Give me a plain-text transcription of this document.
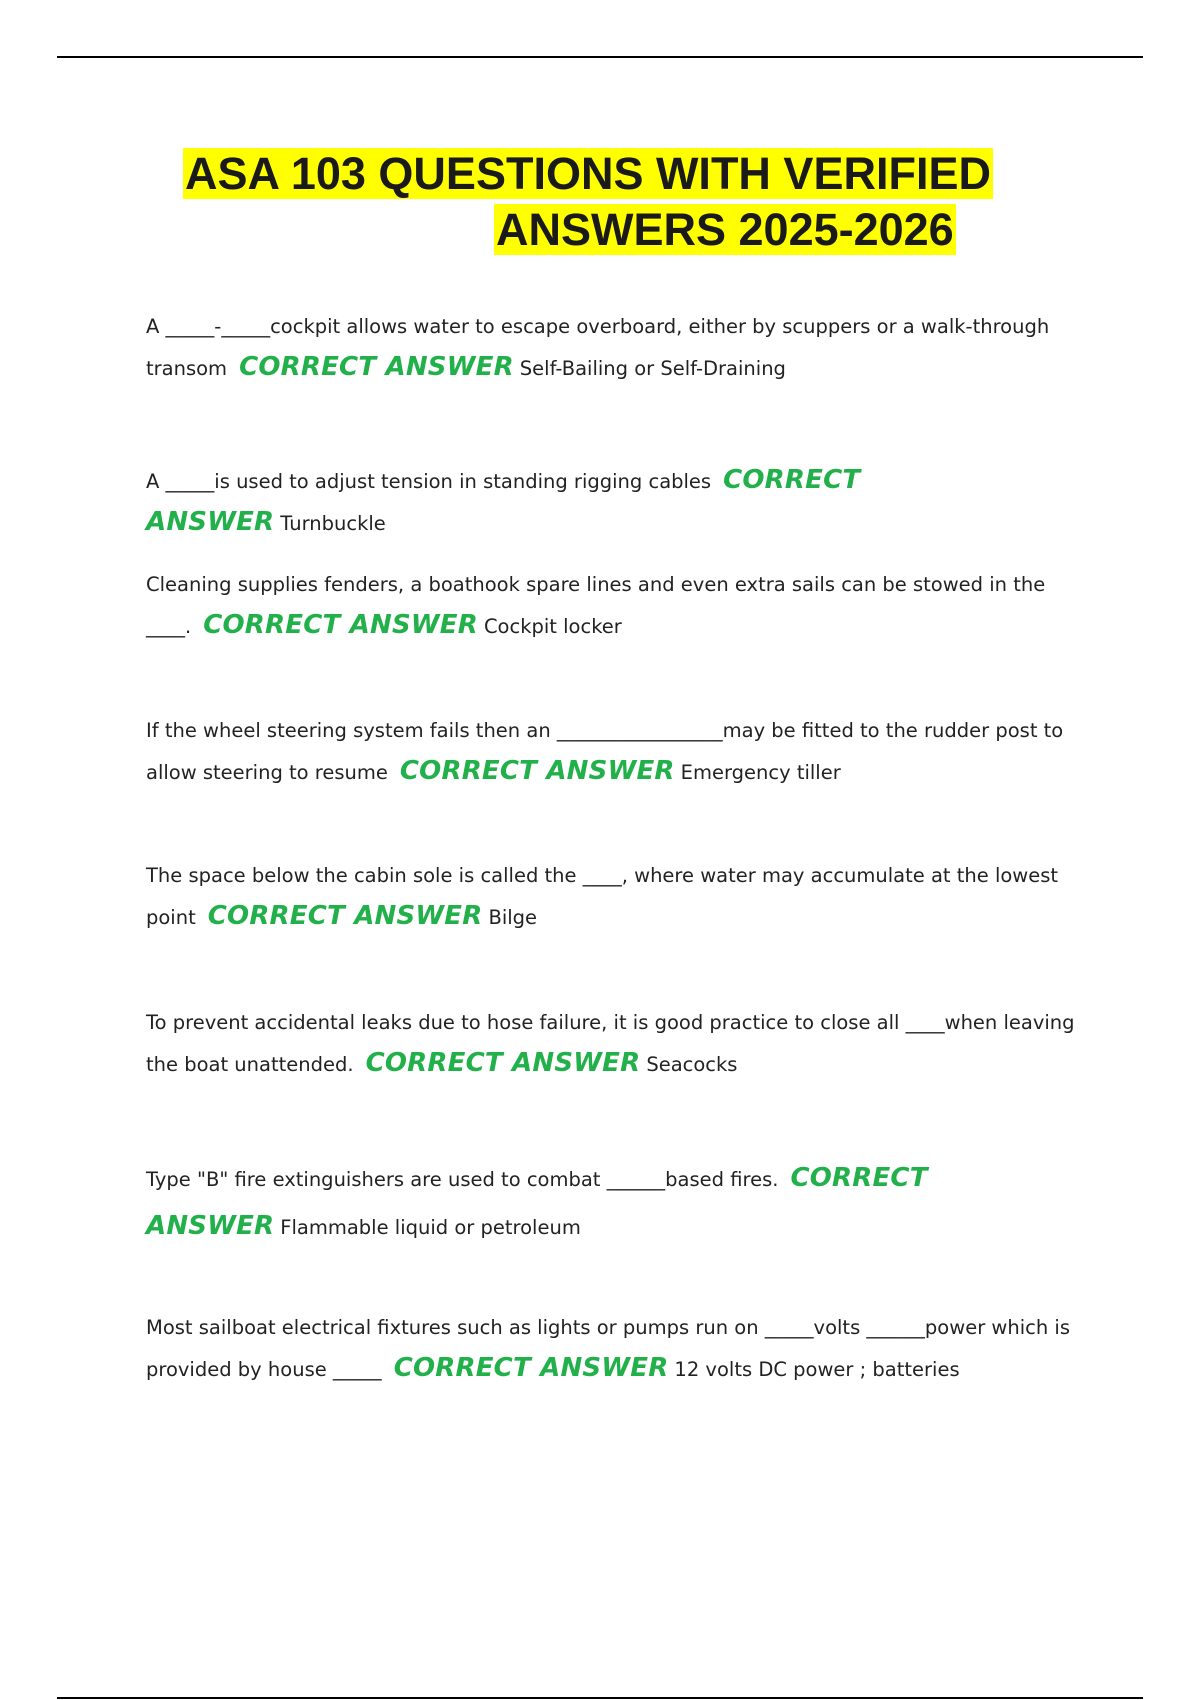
ASA 103 QUESTIONS WITH VERIFIED
ANSWERS 2025-2026
A _____-_____cockpit allows water to escape overboard, either by scuppers or a walk-through transom CORRECT ANSWER Self-Bailing or Self-Draining
A _____is used to adjust tension in standing rigging cables CORRECT ANSWER Turnbuckle
Cleaning supplies fenders, a boathook spare lines and even extra sails can be stowed in the ____. CORRECT ANSWER Cockpit locker
If the wheel steering system fails then an _________________may be fitted to the rudder post to allow steering to resume CORRECT ANSWER Emergency tiller
The space below the cabin sole is called the ____, where water may accumulate at the lowest point CORRECT ANSWER Bilge
To prevent accidental leaks due to hose failure, it is good practice to close all ____when leaving the boat unattended. CORRECT ANSWER Seacocks
Type "B" fire extinguishers are used to combat ______based fires. CORRECT ANSWER Flammable liquid or petroleum
Most sailboat electrical fixtures such as lights or pumps run on _____volts ______power which is provided by house _____ CORRECT ANSWER 12 volts DC power ; batteries
